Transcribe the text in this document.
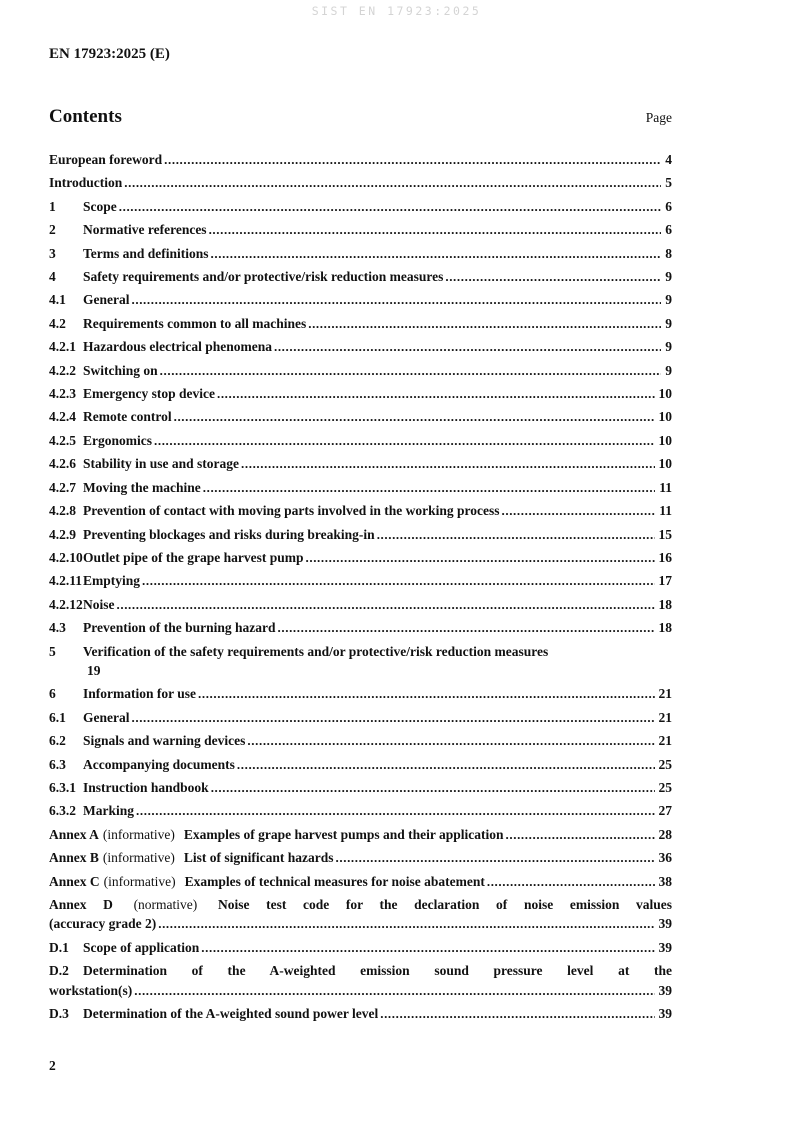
SIST EN 17923:2025
EN 17923:2025 (E)
Contents	Page
European foreword .....	4
Introduction .....	5
1	Scope .....	6
2	Normative references .....	6
3	Terms and definitions .....	8
4	Safety requirements and/or protective/risk reduction measures .....	9
4.1	General .....	9
4.2	Requirements common to all machines .....	9
4.2.1 Hazardous electrical phenomena .....	9
4.2.2 Switching on .....	9
4.2.3 Emergency stop device .....	10
4.2.4 Remote control .....	10
4.2.5 Ergonomics .....	10
4.2.6 Stability in use and storage .....	10
4.2.7 Moving the machine .....	11
4.2.8 Prevention of contact with moving parts involved in the working process .....	11
4.2.9 Preventing blockages and risks during breaking-in .....	15
4.2.10 Outlet pipe of the grape harvest pump .....	16
4.2.11 Emptying .....	17
4.2.12 Noise .....	18
4.3	Prevention of the burning hazard .....	18
5	Verification of the safety requirements and/or protective/risk reduction measures
19
6	Information for use .....	21
6.1	General .....	21
6.2	Signals and warning devices .....	21
6.3	Accompanying documents .....	25
6.3.1 Instruction handbook .....	25
6.3.2 Marking .....	27
Annex A (informative) Examples of grape harvest pumps and their application .....	28
Annex B (informative) List of significant hazards .....	36
Annex C (informative) Examples of technical measures for noise abatement .....	38
Annex D (normative) Noise test code for the declaration of noise emission values
(accuracy grade 2) .....	39
D.1	Scope of application .....	39
D.2 Determination of the A-weighted emission sound pressure level at the
workstation(s) .....	39
D.3	Determination of the A-weighted sound power level .....	39
2
